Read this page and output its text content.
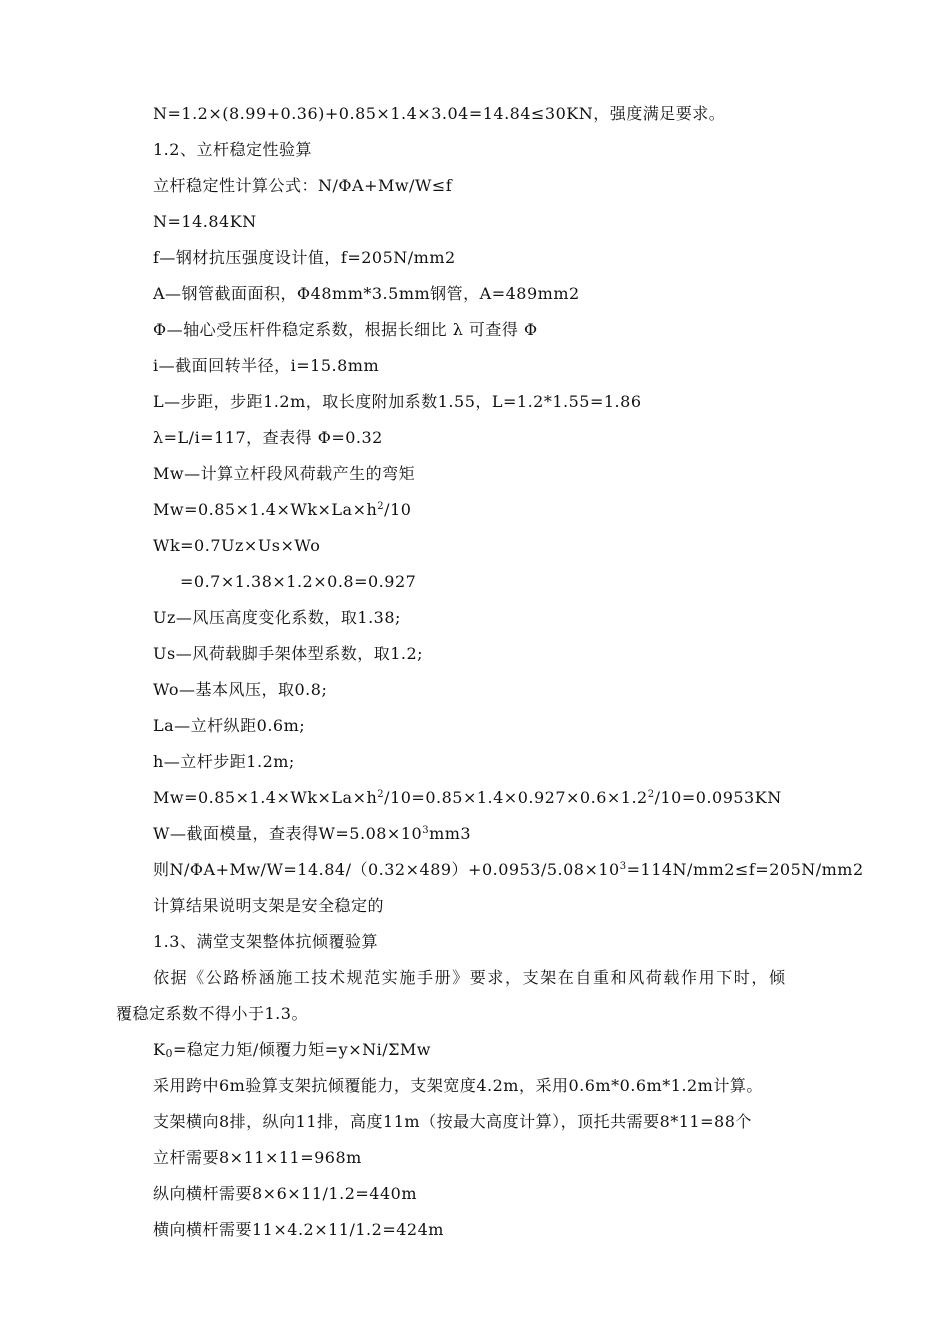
N=1.2×(8.99+0.36)+0.85×1.4×3.04=14.84≤30KN，强度满足要求。
1.2、立杆稳定性验算
立杆稳定性计算公式：N/ΦA+Mw/W≤f
N=14.84KN
f—钢材抗压强度设计值，f=205N/mm2
A—钢管截面面积，Φ48mm*3.5mm钢管，A=489mm2
Φ—轴心受压杆件稳定系数，根据长细比 λ 可查得 Φ
i—截面回转半径，i=15.8mm
L—步距，步距1.2m，取长度附加系数1.55，L=1.2*1.55=1.86
λ=L/i=117，查表得 Φ=0.32
Mw—计算立杆段风荷载产生的弯矩
$Mw=0.85\times 1.4\times Wk\times La\times h^2/10$
Wk=0.7Uz×Us×Wo
=0.7×1.38×1.2×0.8=0.927
Uz—风压高度变化系数，取1.38;
Us—风荷载脚手架体型系数，取1.2;
Wo—基本风压，取0.8;
La—立杆纵距0.6m;
h—立杆步距1.2m;
$Mw=0.85\times 1.4\times Wk\times La\times h^2/10=0.85\times 1.4\times 0.927\times 0.6\times 1.2^2/10=0.0953KN$
W—截面模量，查表得$W=5.08\times 10^3mm3$
则$N/\Phi A+Mw/W=14.84/(0.32\times 489)+0.0953/5.08\times 10^3=114N/mm2\le f=205N/mm2$
计算结果说明支架是安全稳定的
1.3、满堂支架整体抗倾覆验算
依据《公路桥涵施工技术规范实施手册》要求，支架在自重和风荷载作用下时，倾
覆稳定系数不得小于1.3。
$K_0=$稳定力矩/倾覆力矩=y×Ni/ΣMw
采用跨中6m验算支架抗倾覆能力，支架宽度4.2m，采用0.6m*0.6m*1.2m计算。
支架横向8排，纵向11排，高度11m（按最大高度计算），顶托共需要8*11=88个
立杆需要8×11×11=968m
纵向横杆需要8×6×11/1.2=440m
横向横杆需要11×4.2×11/1.2=424m
